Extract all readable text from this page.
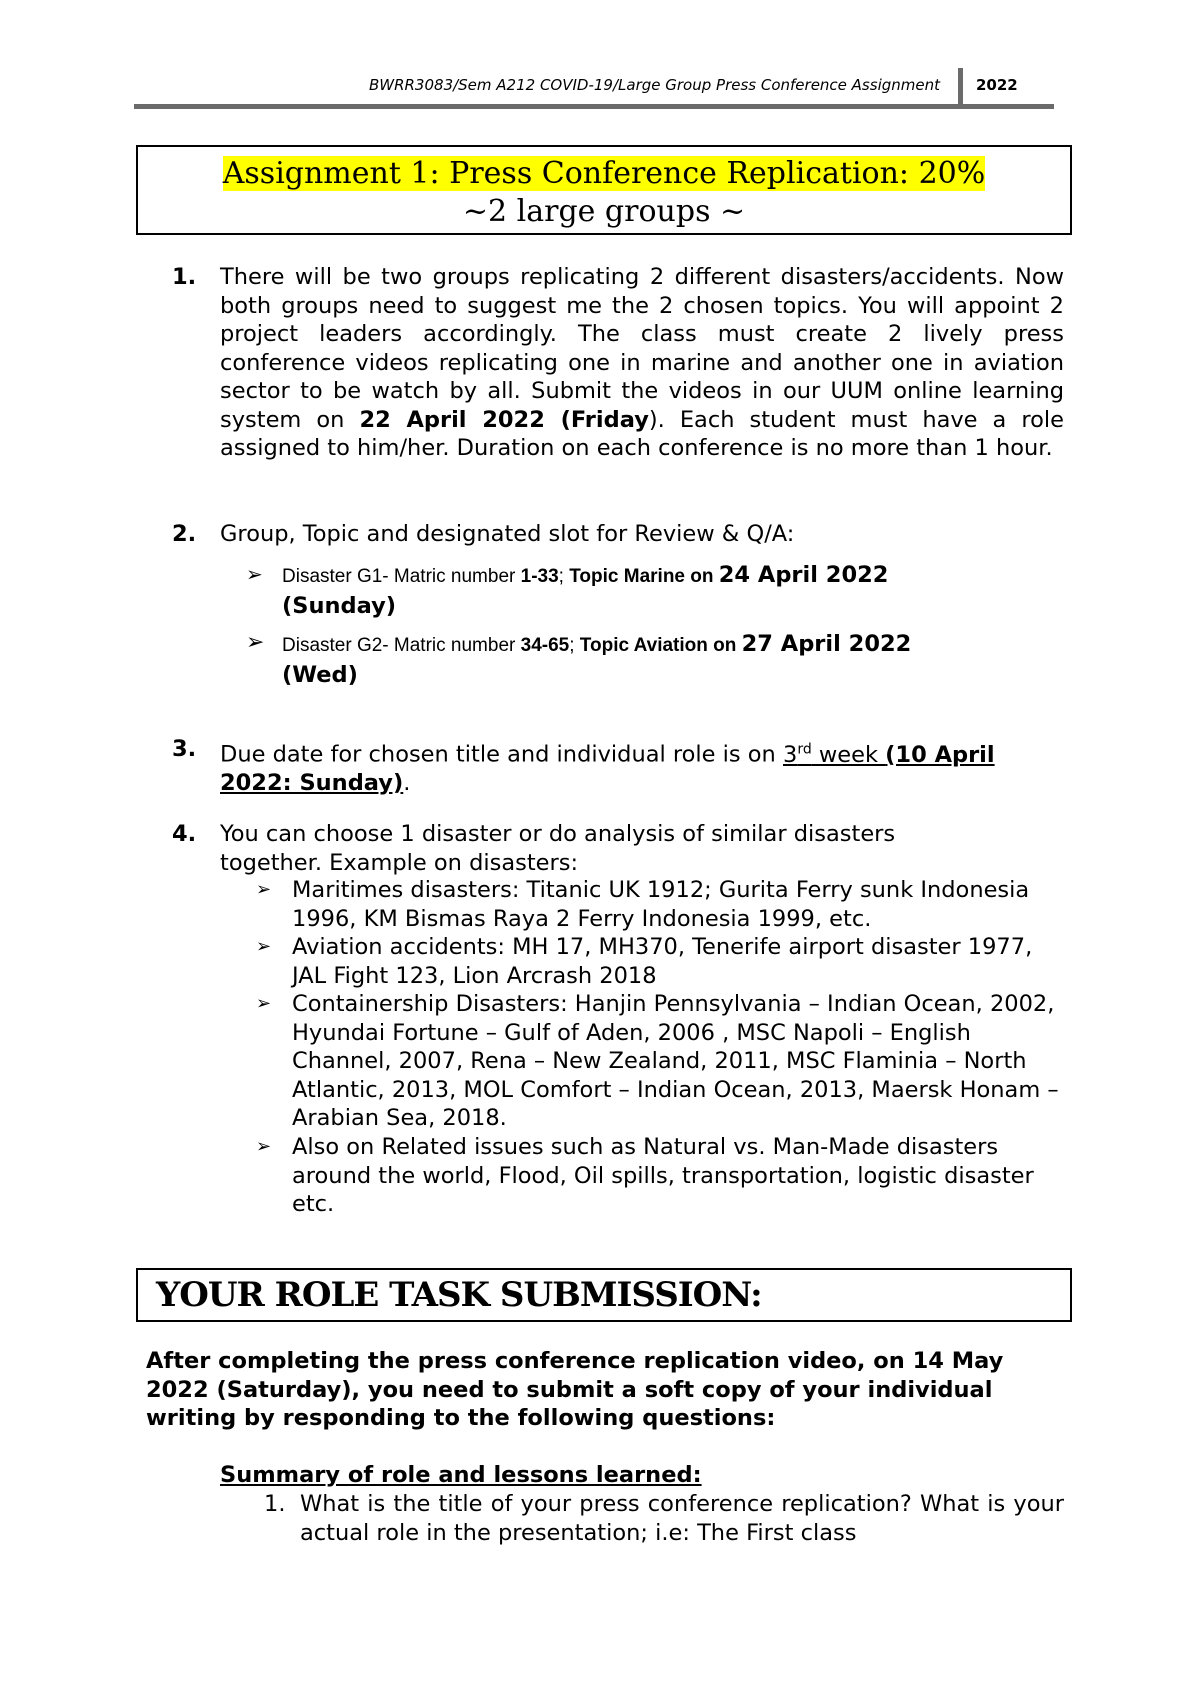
BWRR3083/Sem A212 COVID-19/Large Group Press Conference Assignment 2022
Assignment 1: Press Conference Replication: 20%
~2 large groups ~
1. There will be two groups replicating 2 different disasters/accidents. Now both groups need to suggest me the 2 chosen topics. You will appoint 2 project leaders accordingly. The class must create 2 lively press conference videos replicating one in marine and another one in aviation sector to be watch by all. Submit the videos in our UUM online learning system on 22 April 2022 (Friday). Each student must have a role assigned to him/her. Duration on each conference is no more than 1 hour.
2. Group, Topic and designated slot for Review & Q/A:
➢ Disaster G1- Matric number 1-33; Topic Marine on 24 April 2022
(Sunday)
➢ Disaster G2- Matric number 34-65; Topic Aviation on 27 April 2022
(Wed)
3. Due date for chosen title and individual role is on 3rd week (10 April 2022: Sunday).
4. You can choose 1 disaster or do analysis of similar disasters together. Example on disasters:
➢ Maritimes disasters: Titanic UK 1912; Gurita Ferry sunk Indonesia 1996, KM Bismas Raya 2 Ferry Indonesia 1999, etc.
➢ Aviation accidents: MH 17, MH370, Tenerife airport disaster 1977, JAL Fight 123, Lion Arcrash 2018
➢ Containership Disasters: Hanjin Pennsylvania – Indian Ocean, 2002, Hyundai Fortune – Gulf of Aden, 2006 , MSC Napoli – English Channel, 2007, Rena – New Zealand, 2011, MSC Flaminia – North Atlantic, 2013, MOL Comfort – Indian Ocean, 2013, Maersk Honam – Arabian Sea, 2018.
➢ Also on Related issues such as Natural vs. Man-Made disasters around the world, Flood, Oil spills, transportation, logistic disaster etc.
YOUR ROLE TASK SUBMISSION:
After completing the press conference replication video, on 14 May 2022 (Saturday), you need to submit a soft copy of your individual writing by responding to the following questions:
Summary of role and lessons learned:
1. What is the title of your press conference replication? What is your actual role in the presentation; i.e: The First class
